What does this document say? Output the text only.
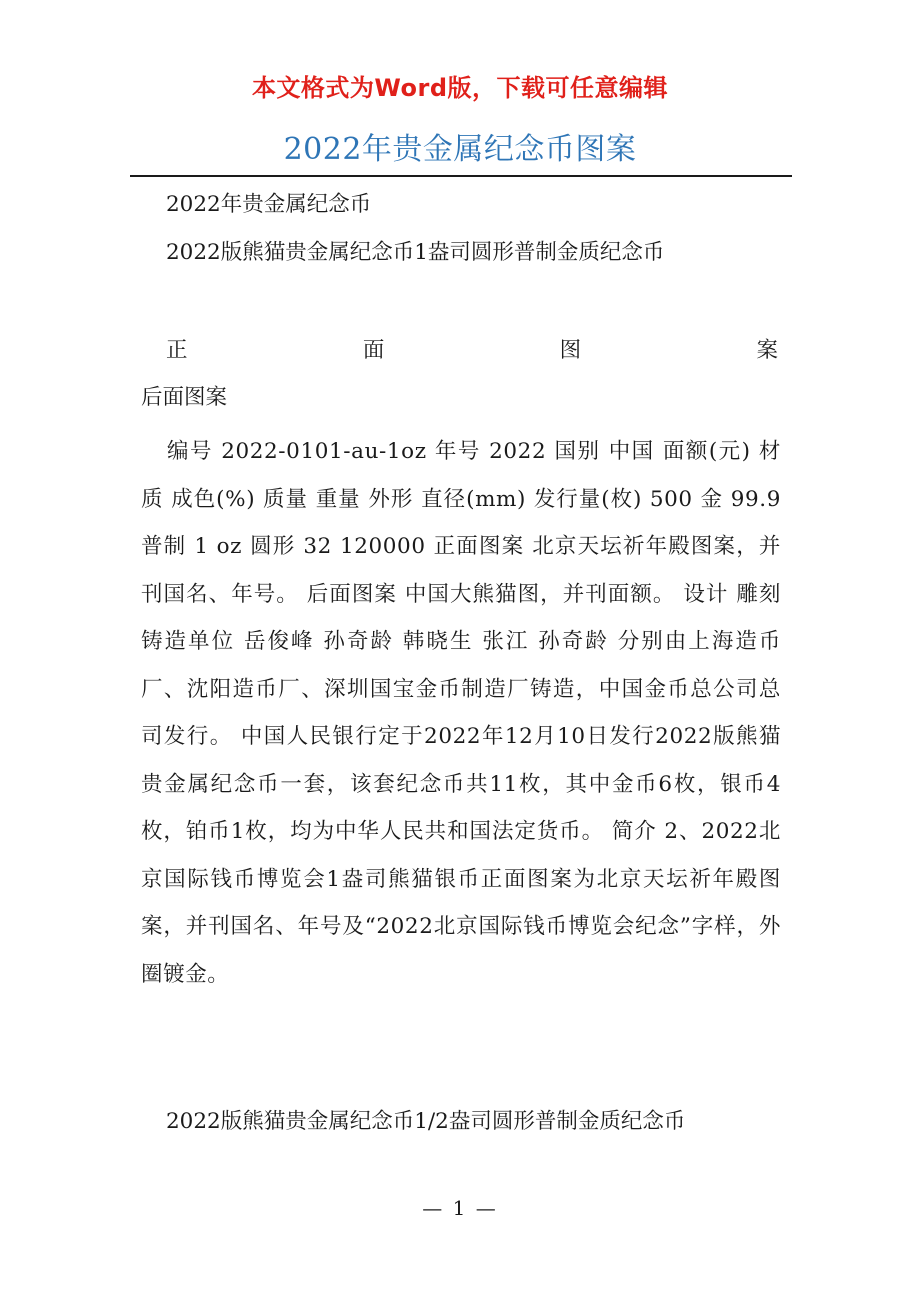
本文格式为Word版，下载可任意编辑
2022年贵金属纪念币图案
2022年贵金属纪念币
2022版熊猫贵金属纪念币1盎司圆形普制金质纪念币
正	面	图	案
后面图案
编号 2022-0101-au-1oz 年号 2022 国别 中国 面额(元) 材质 成色(%) 质量 重量 外形 直径(mm) 发行量(枚) 500 金 99.9 普制 1 oz 圆形 32 120000 正面图案 北京天坛祈年殿图案，并刊国名、年号。 后面图案 中国大熊猫图，并刊面额。 设计 雕刻 铸造单位 岳俊峰 孙奇龄 韩晓生 张江 孙奇龄 分别由上海造币厂、沈阳造币厂、深圳国宝金币制造厂铸造，中国金币总公司总司发行。 中国人民银行定于2022年12月10日发行2022版熊猫贵金属纪念币一套，该套纪念币共11枚，其中金币6枚，银币4枚，铂币1枚，均为中华人民共和国法定货币。 简介 2、2022北京国际钱币博览会1盎司熊猫银币正面图案为北京天坛祈年殿图案，并刊国名、年号及“2022北京国际钱币博览会纪念”字样，外圈镀金。
2022版熊猫贵金属纪念币1/2盎司圆形普制金质纪念币
— 1 —
